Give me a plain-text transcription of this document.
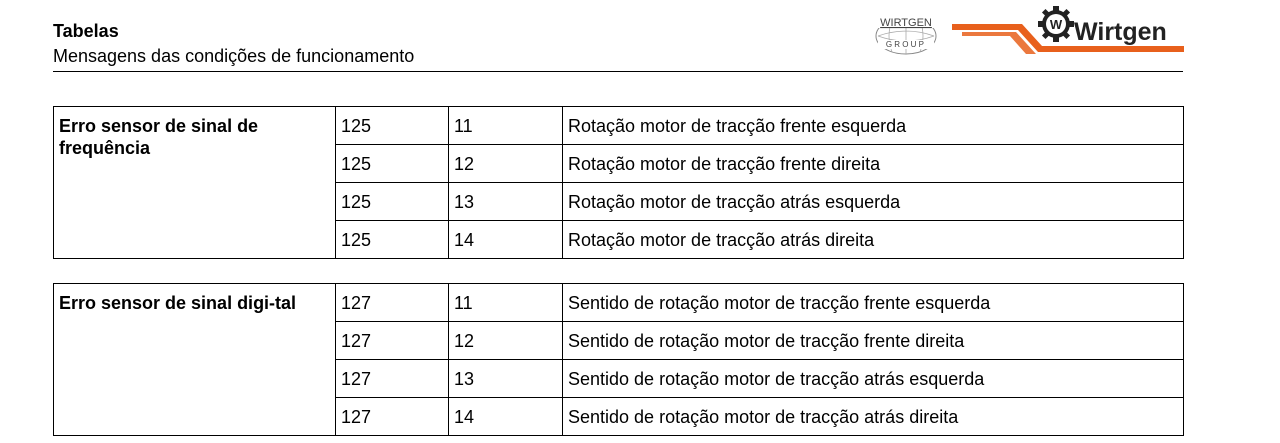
Tabelas
Mensagens das condições de funcionamento
WIRTGEN
GROUP
W Wirtgen
Erro sensor de sinal de frequência	125	11	Rotação motor de tracção frente esquerda
	125	12	Rotação motor de tracção frente direita
	125	13	Rotação motor de tracção atrás esquerda
	125	14	Rotação motor de tracção atrás direita
Erro sensor de sinal digi-tal	127	11	Sentido de rotação motor de tracção frente esquerda
	127	12	Sentido de rotação motor de tracção frente direita
	127	13	Sentido de rotação motor de tracção atrás esquerda
	127	14	Sentido de rotação motor de tracção atrás direita
